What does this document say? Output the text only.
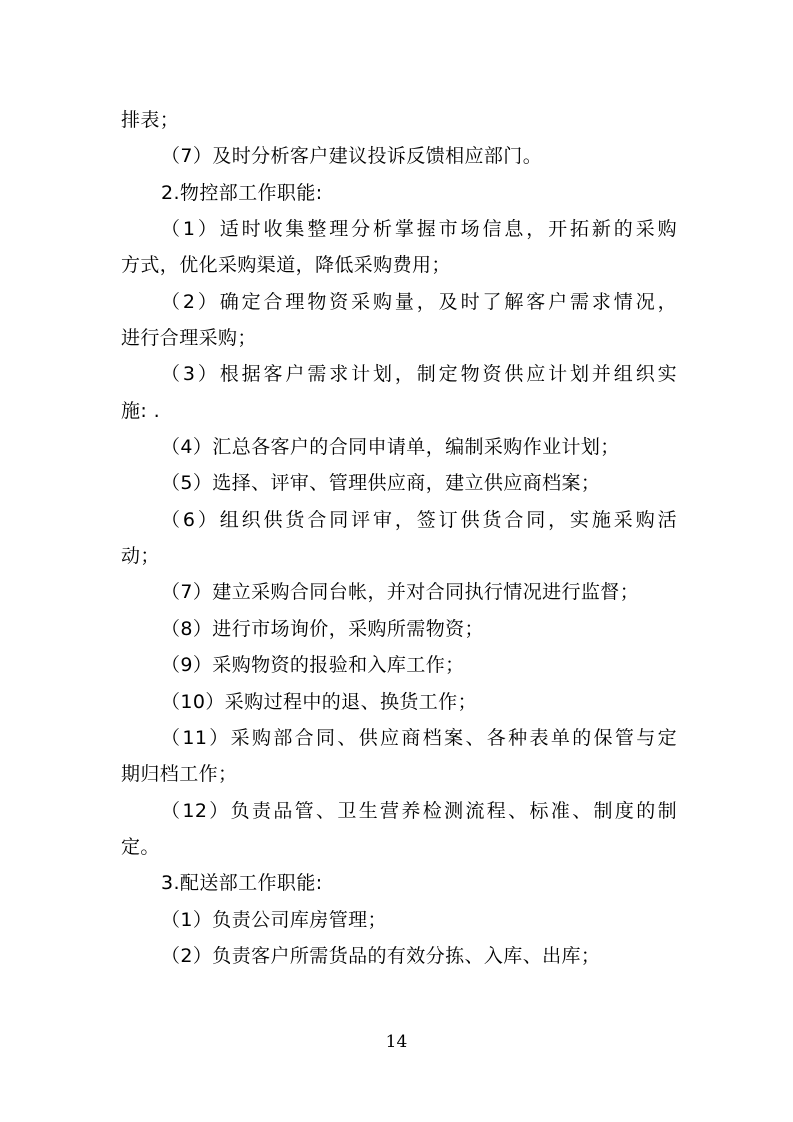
排表；
（7）及时分析客户建议投诉反馈相应部门。
2.物控部工作职能:
（1）适时收集整理分析掌握市场信息，开拓新的采购
方式，优化采购渠道，降低采购费用；
（2）确定合理物资采购量，及时了解客户需求情况，
进行合理采购；
（3）根据客户需求计划，制定物资供应计划并组织实
施: .
（4）汇总各客户的合同申请单，编制采购作业计划；
（5）选择、评审、管理供应商，建立供应商档案；
（6）组织供货合同评审，签订供货合同，实施采购活
动；
（7）建立采购合同台帐，并对合同执行情况进行监督；
（8）进行市场询价，采购所需物资；
（9）采购物资的报验和入库工作；
（10）采购过程中的退、换货工作；
（11）采购部合同、供应商档案、各种表单的保管与定
期归档工作；
（12）负责品管、卫生营养检测流程、标准、制度的制
定。
3.配送部工作职能:
（1）负责公司库房管理；
（2）负责客户所需货品的有效分拣、入库、出库；
14
